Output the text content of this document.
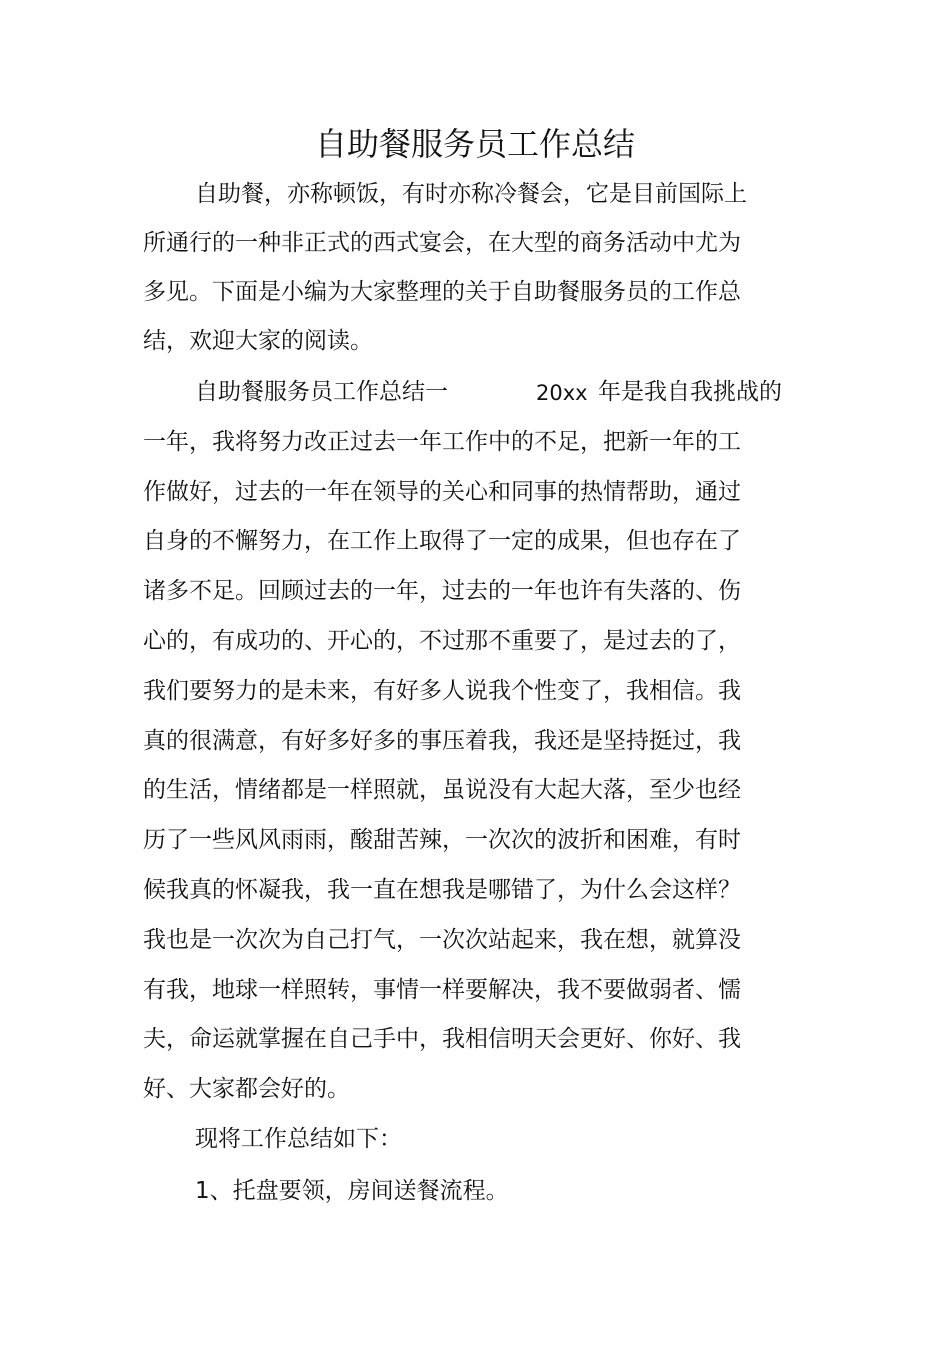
自助餐服务员工作总结

自助餐，亦称顿饭，有时亦称冷餐会，它是目前国际上

所通行的一种非正式的西式宴会，在大型的商务活动中尤为

多见。下面是小编为大家整理的关于自助餐服务员的工作总

结，欢迎大家的阅读。

自助餐服务员工作总结一	20xx 年是我自我挑战的

一年，我将努力改正过去一年工作中的不足，把新一年的工

作做好，过去的一年在领导的关心和同事的热情帮助，通过

自身的不懈努力，在工作上取得了一定的成果，但也存在了

诸多不足。回顾过去的一年，过去的一年也许有失落的、伤

心的，有成功的、开心的，不过那不重要了，是过去的了，

我们要努力的是未来，有好多人说我个性变了，我相信。我

真的很满意，有好多好多的事压着我，我还是坚持挺过，我

的生活，情绪都是一样照就，虽说没有大起大落，至少也经

历了一些风风雨雨，酸甜苦辣，一次次的波折和困难，有时

候我真的怀凝我，我一直在想我是哪错了，为什么会这样？

我也是一次次为自己打气，一次次站起来，我在想，就算没

有我，地球一样照转，事情一样要解决，我不要做弱者、懦

夫，命运就掌握在自己手中，我相信明天会更好、你好、我

好、大家都会好的。

现将工作总结如下：

1、托盘要领，房间送餐流程。
